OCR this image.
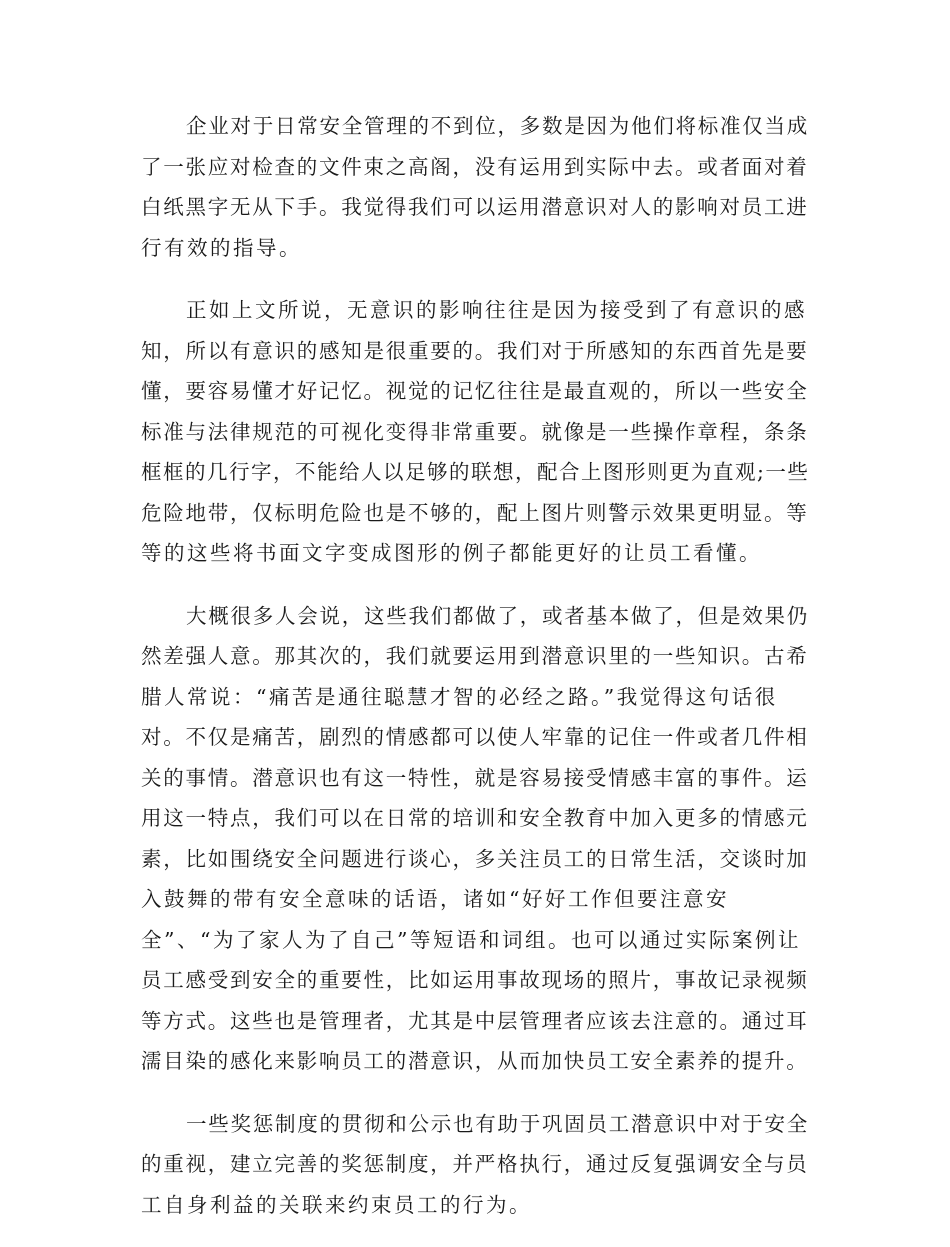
企业对于日常安全管理的不到位，多数是因为他们将标准仅当成
了一张应对检查的文件束之高阁，没有运用到实际中去。或者面对着
白纸黑字无从下手。我觉得我们可以运用潜意识对人的影响对员工进
行有效的指导。

正如上文所说，无意识的影响往往是因为接受到了有意识的感
知，所以有意识的感知是很重要的。我们对于所感知的东西首先是要
懂，要容易懂才好记忆。视觉的记忆往往是最直观的，所以一些安全
标准与法律规范的可视化变得非常重要。就像是一些操作章程，条条
框框的几行字，不能给人以足够的联想，配合上图形则更为直观;一些
危险地带，仅标明危险也是不够的，配上图片则警示效果更明显。等
等的这些将书面文字变成图形的例子都能更好的让员工看懂。

大概很多人会说，这些我们都做了，或者基本做了，但是效果仍
然差强人意。那其次的，我们就要运用到潜意识里的一些知识。古希
腊人常说：“痛苦是通往聪慧才智的必经之路。”我觉得这句话很
对。不仅是痛苦，剧烈的情感都可以使人牢靠的记住一件或者几件相
关的事情。潜意识也有这一特性，就是容易接受情感丰富的事件。运
用这一特点，我们可以在日常的培训和安全教育中加入更多的情感元
素，比如围绕安全问题进行谈心，多关注员工的日常生活，交谈时加
入鼓舞的带有安全意味的话语，诸如“好好工作但要注意安
全”、“为了家人为了自己”等短语和词组。也可以通过实际案例让
员工感受到安全的重要性，比如运用事故现场的照片，事故记录视频
等方式。这些也是管理者，尤其是中层管理者应该去注意的。通过耳
濡目染的感化来影响员工的潜意识，从而加快员工安全素养的提升。

一些奖惩制度的贯彻和公示也有助于巩固员工潜意识中对于安全
的重视，建立完善的奖惩制度，并严格执行，通过反复强调安全与员
工自身利益的关联来约束员工的行为。
